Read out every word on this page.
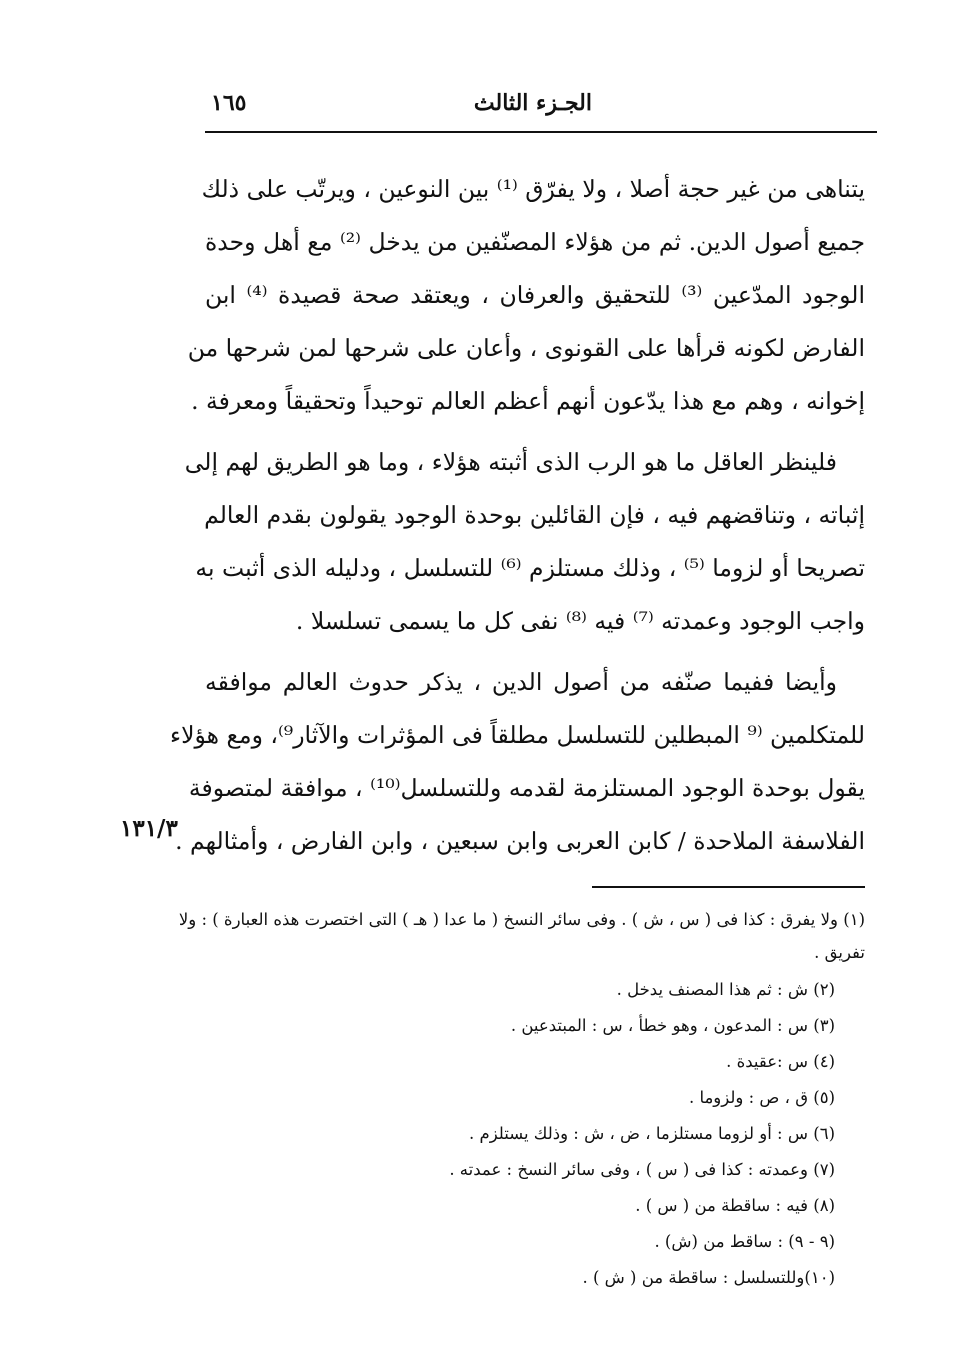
الجـزء الثالث
١٦٥
يتناهى من غير حجة أصلا ، ولا يفرّق ⁽¹⁾ بين النوعين ، ويرتّب على ذلك
جميع أصول الدين. ثم من هؤلاء المصنّفين من يدخل ⁽²⁾ مع أهل وحدة
الوجود المدّعين ⁽³⁾ للتحقيق والعرفان ، ويعتقد صحة قصيدة ⁽⁴⁾ ابن
الفارض لكونه قرأها على القونوى ، وأعان على شرحها لمن شرحها من
إخوانه ، وهم مع هذا يدّعون أنهم أعظم العالم توحيداً وتحقيقاً ومعرفة .
فلينظر العاقل ما هو الرب الذى أثبته هؤلاء ، وما هو الطريق لهم إلى
إثباته ، وتناقضهم فيه ، فإن القائلين بوحدة الوجود يقولون بقدم العالم
تصريحا أو لزوما ⁽⁵⁾ ، وذلك مستلزم ⁽⁶⁾ للتسلسل ، ودليله الذى أثبت به
واجب الوجود وعمدته ⁽⁷⁾ فيه ⁽⁸⁾ نفى كل ما يسمى تسلسلا .
وأيضا ففيما صنّفه من أصول الدين ، يذكر حدوث العالم موافقه
للمتكلمين ⁽⁹ المبطلين للتسلسل مطلقاً فى المؤثرات والآثار⁹⁾، ومع هؤلاء
يقول بوحدة الوجود المستلزمة لقدمه وللتسلسل⁽¹⁰⁾ ، موافقة لمتصوفة
الفلاسفة الملاحدة / كابن العربى وابن سبعين ، وابن الفارض ، وأمثالهم .
١٣١/٣
(١) ولا يفرق : كذا فى ( س ، ش ) . وفى سائر النسخ ( ما عدا ( هـ ) التى اختصرت هذه العبارة ) : ولا
تفريق .
(٢) ش : ثم هذا المصنف يدخل .
(٣) س : المدعون ، وهو خطأ ، س : المبتدعين .
(٤) س :عقيدة .
(٥) ق ، ص : ولزوما .
(٦) س : أو لزوما مستلزما ، ض ، ش : وذلك يستلزم .
(٧) وعمدته : كذا فى ( س ) ، وفى سائر النسخ : عمدته .
(٨) فيه : ساقطة من ( س ) .
(٩ - ٩) : ساقط من (ش) .
(١٠)وللتسلسل : ساقطة من ( ش ) .
